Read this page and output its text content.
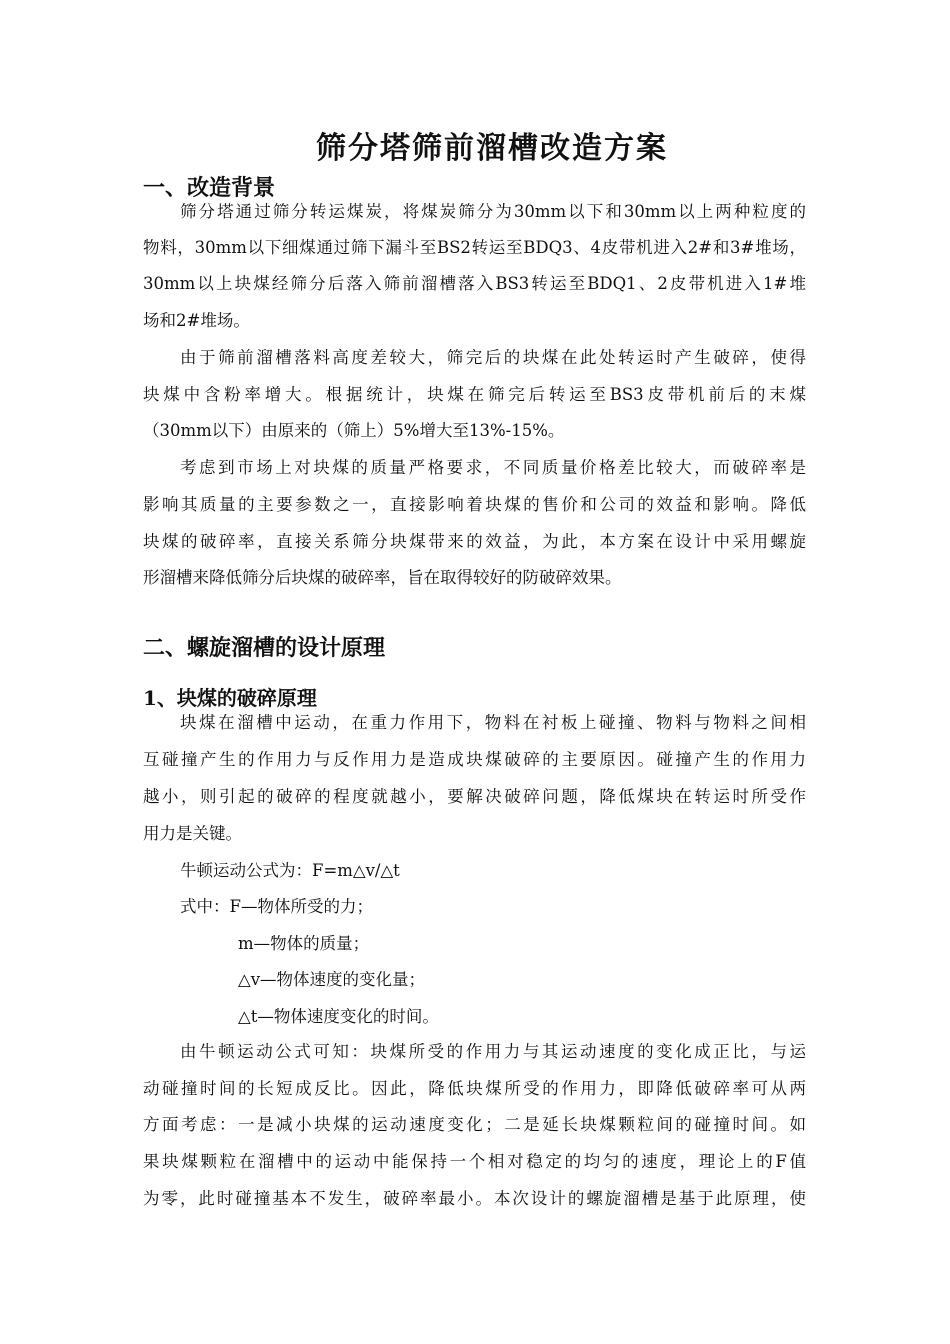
筛分塔筛前溜槽改造方案
一、改造背景
筛分塔通过筛分转运煤炭，将煤炭筛分为30mm以下和30mm以上两种粒度的
物料，30mm以下细煤通过筛下漏斗至BS2转运至BDQ3、4皮带机进入2#和3#堆场，
30mm以上块煤经筛分后落入筛前溜槽落入BS3转运至BDQ1、2皮带机进入1#堆
场和2#堆场。
由于筛前溜槽落料高度差较大，筛完后的块煤在此处转运时产生破碎，使得
块煤中含粉率增大。根据统计，块煤在筛完后转运至BS3皮带机前后的末煤
（30mm以下）由原来的（筛上）5%增大至13%-15%。
考虑到市场上对块煤的质量严格要求，不同质量价格差比较大，而破碎率是
影响其质量的主要参数之一，直接影响着块煤的售价和公司的效益和影响。降低
块煤的破碎率，直接关系筛分块煤带来的效益，为此，本方案在设计中采用螺旋
形溜槽来降低筛分后块煤的破碎率，旨在取得较好的防破碎效果。
二、螺旋溜槽的设计原理
1、块煤的破碎原理
块煤在溜槽中运动，在重力作用下，物料在衬板上碰撞、物料与物料之间相
互碰撞产生的作用力与反作用力是造成块煤破碎的主要原因。碰撞产生的作用力
越小，则引起的破碎的程度就越小，要解决破碎问题，降低煤块在转运时所受作
用力是关键。
牛顿运动公式为：F=m△v/△t
式中：F—物体所受的力；
m—物体的质量；
△v—物体速度的变化量；
△t—物体速度变化的时间。
由牛顿运动公式可知：块煤所受的作用力与其运动速度的变化成正比，与运
动碰撞时间的长短成反比。因此，降低块煤所受的作用力，即降低破碎率可从两
方面考虑：一是减小块煤的运动速度变化；二是延长块煤颗粒间的碰撞时间。如
果块煤颗粒在溜槽中的运动中能保持一个相对稳定的均匀的速度，理论上的F值
为零，此时碰撞基本不发生，破碎率最小。本次设计的螺旋溜槽是基于此原理，使
